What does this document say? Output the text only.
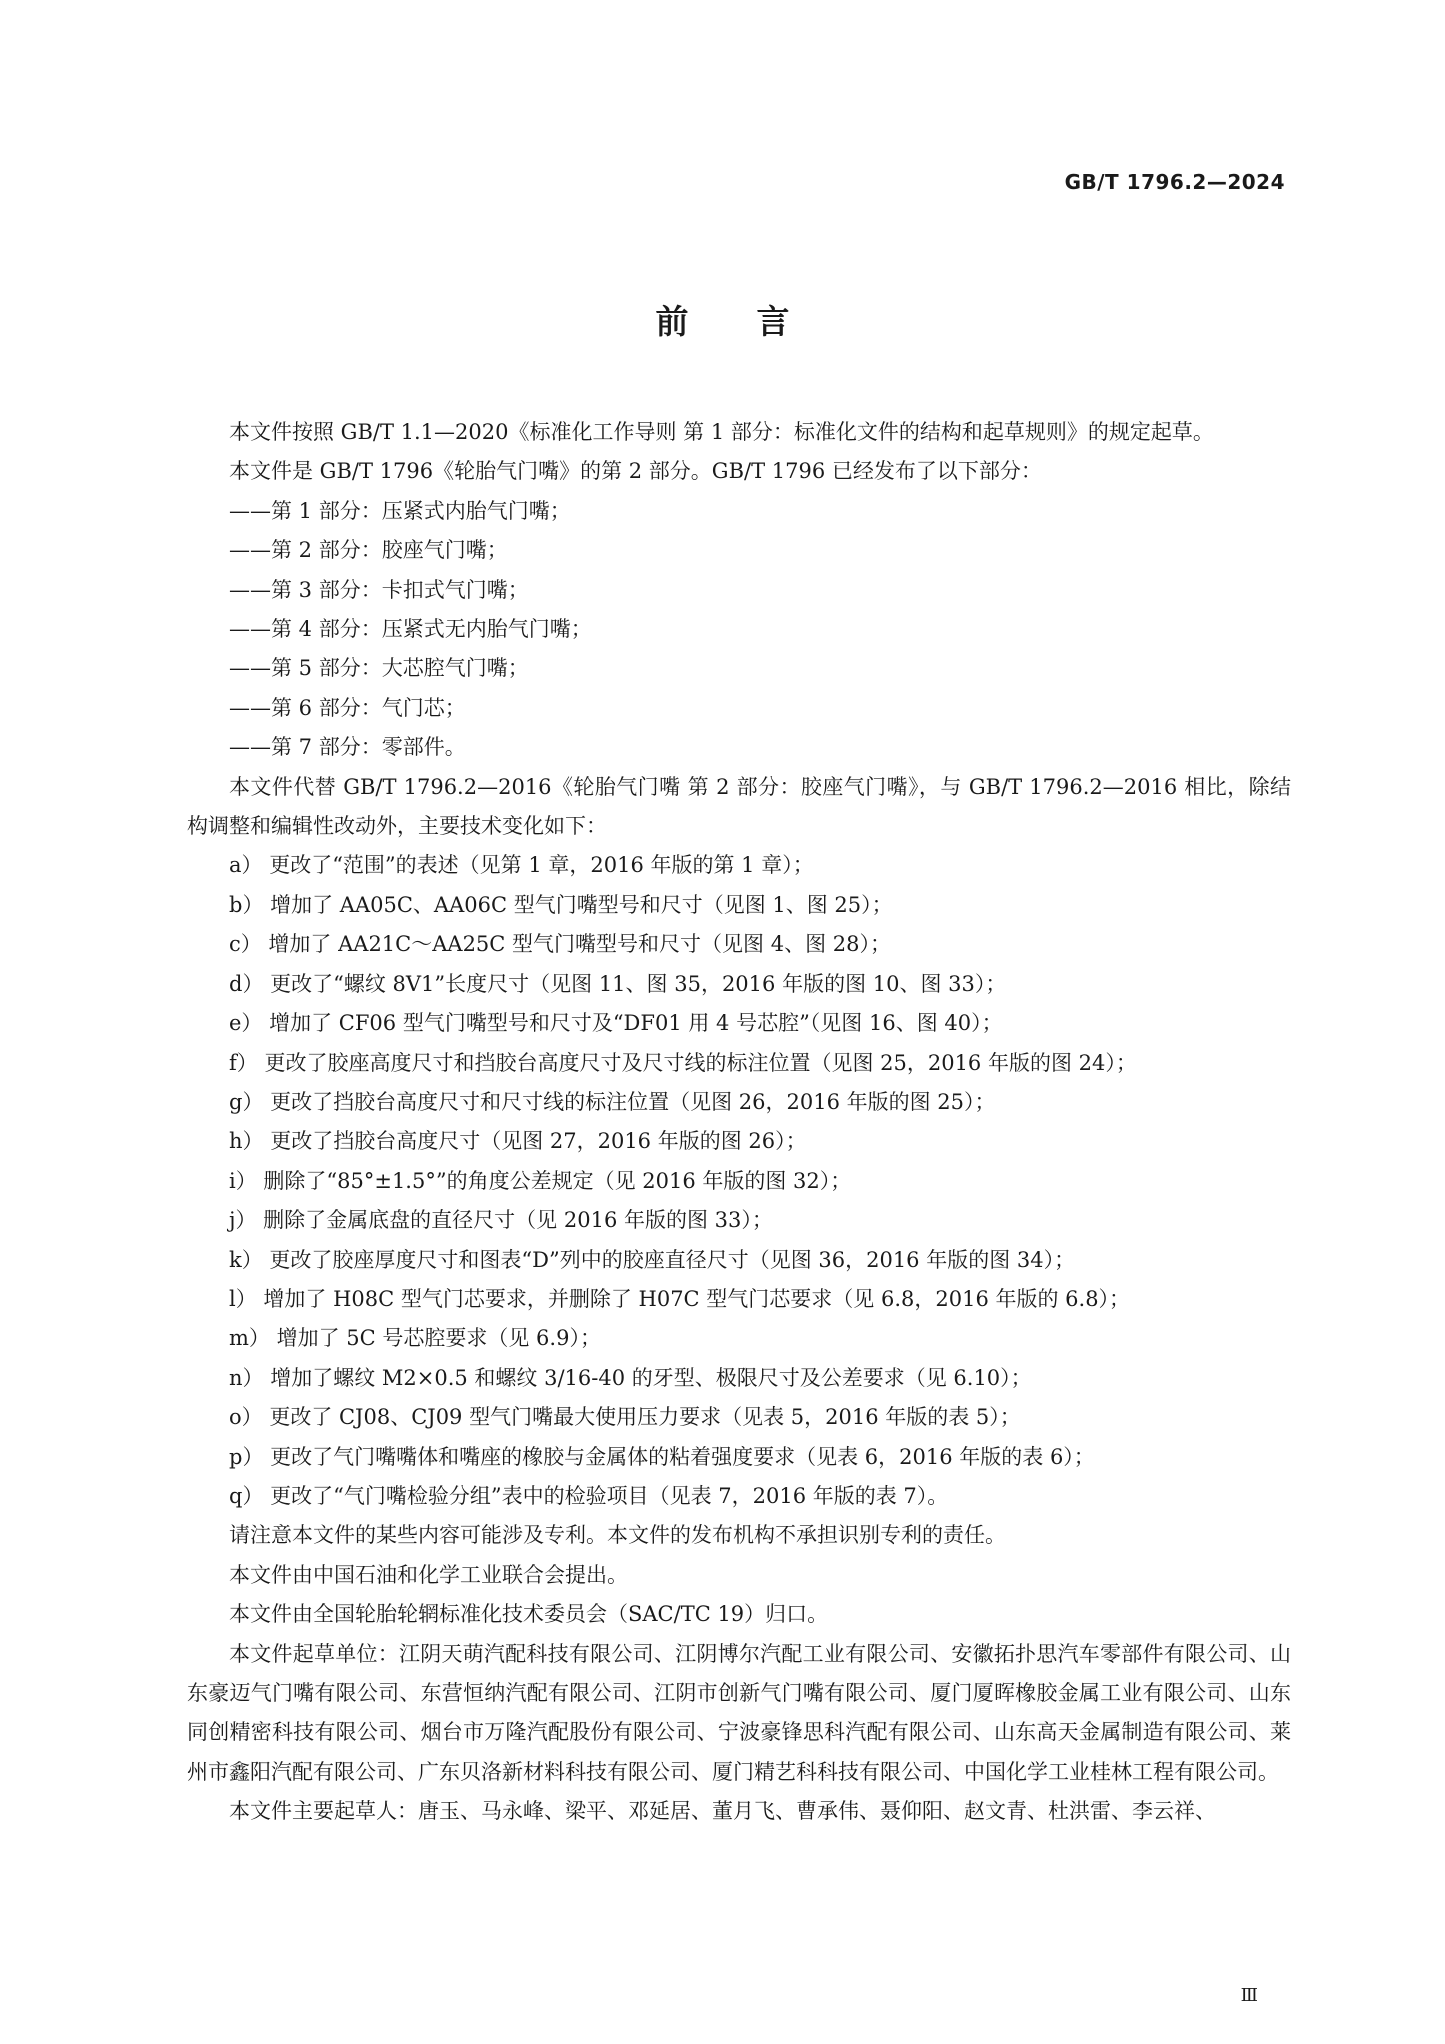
GB/T 1796.2—2024
前言

本文件按照 GB/T 1.1—2020《标准化工作导则 第 1 部分：标准化文件的结构和起草规则》的规定起草。

本文件是 GB/T 1796《轮胎气门嘴》的第 2 部分。GB/T 1796 已经发布了以下部分：

——第 1 部分：压紧式内胎气门嘴；

——第 2 部分：胶座气门嘴；

——第 3 部分：卡扣式气门嘴；

——第 4 部分：压紧式无内胎气门嘴；

——第 5 部分：大芯腔气门嘴；

——第 6 部分：气门芯；

——第 7 部分：零部件。

本文件代替 GB/T 1796.2—2016《轮胎气门嘴 第 2 部分：胶座气门嘴》，与 GB/T 1796.2—2016 相比，除结构调整和编辑性改动外，主要技术变化如下：

a） 更改了“范围”的表述（见第 1 章，2016 年版的第 1 章）；

b） 增加了 AA05C、AA06C 型气门嘴型号和尺寸（见图 1、图 25）；

c） 增加了 AA21C～AA25C 型气门嘴型号和尺寸（见图 4、图 28）；

d） 更改了“螺纹 8V1”长度尺寸（见图 11、图 35，2016 年版的图 10、图 33）；

e） 增加了 CF06 型气门嘴型号和尺寸及“DF01 用 4 号芯腔”（见图 16、图 40）；

f） 更改了胶座高度尺寸和挡胶台高度尺寸及尺寸线的标注位置（见图 25，2016 年版的图 24）；

g） 更改了挡胶台高度尺寸和尺寸线的标注位置（见图 26，2016 年版的图 25）；

h） 更改了挡胶台高度尺寸（见图 27，2016 年版的图 26）；

i） 删除了“85°±1.5°”的角度公差规定（见 2016 年版的图 32）；

j） 删除了金属底盘的直径尺寸（见 2016 年版的图 33）；

k） 更改了胶座厚度尺寸和图表“D”列中的胶座直径尺寸（见图 36，2016 年版的图 34）；

l） 增加了 H08C 型气门芯要求，并删除了 H07C 型气门芯要求（见 6.8，2016 年版的 6.8）；

m） 增加了 5C 号芯腔要求（见 6.9）；

n） 增加了螺纹 M2×0.5 和螺纹 3/16-40 的牙型、极限尺寸及公差要求（见 6.10）；

o） 更改了 CJ08、CJ09 型气门嘴最大使用压力要求（见表 5，2016 年版的表 5）；

p） 更改了气门嘴嘴体和嘴座的橡胶与金属体的粘着强度要求（见表 6，2016 年版的表 6）；

q） 更改了“气门嘴检验分组”表中的检验项目（见表 7，2016 年版的表 7）。

请注意本文件的某些内容可能涉及专利。本文件的发布机构不承担识别专利的责任。

本文件由中国石油和化学工业联合会提出。

本文件由全国轮胎轮辋标准化技术委员会（SAC/TC 19）归口。

本文件起草单位：江阴天萌汽配科技有限公司、江阴博尔汽配工业有限公司、安徽拓扑思汽车零部件有限公司、山东豪迈气门嘴有限公司、东营恒纳汽配有限公司、江阴市创新气门嘴有限公司、厦门厦晖橡胶金属工业有限公司、山东同创精密科技有限公司、烟台市万隆汽配股份有限公司、宁波豪锋思科汽配有限公司、山东高天金属制造有限公司、莱州市鑫阳汽配有限公司、广东贝洛新材料科技有限公司、厦门精艺科科技有限公司、中国化学工业桂林工程有限公司。

本文件主要起草人：唐玉、马永峰、梁平、邓延居、董月飞、曹承伟、聂仰阳、赵文青、杜洪雷、李云祥、

Ⅲ
